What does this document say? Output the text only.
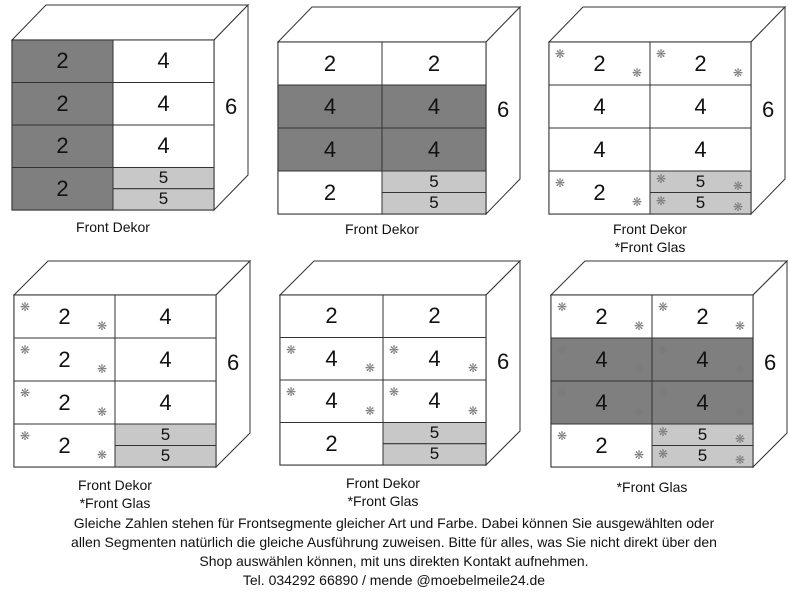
2
2
2
2
4
4
4
5
5
6
Front Dekor
2
4
4
2
2
4
4
5
5
6
Front Dekor
2
❋
❋
4
4
2
❋
❋
2
❋
❋
4
4
5
❋	❋
5
❋	❋
6
Front Dekor
*Front Glas
2
❋
❋
2
❋
❋
2
❋
❋
2
❋
❋
4
4
4
5
5
6
Front Dekor
*Front Glas
2
4
❋
❋
4
❋
❋
2
2
4
❋
❋
4
❋
❋
5
5
6
Front Dekor
*Front Glas
2
❋
❋
4
❋
❋
4
❋
❋
2
❋
❋
2
❋
❋
4
❋
❋
4
❋
❋
5
❋	❋
5
❋	❋
6
*Front Glas
Gleiche Zahlen stehen für Frontsegmente gleicher Art und Farbe. Dabei können Sie ausgewählten oder
allen Segmenten natürlich die gleiche Ausführung zuweisen. Bitte für alles, was Sie nicht direkt über den
Shop auswählen können, mit uns direkten Kontakt aufnehmen.
Tel. 034292 66890 / mende @moebelmeile24.de
